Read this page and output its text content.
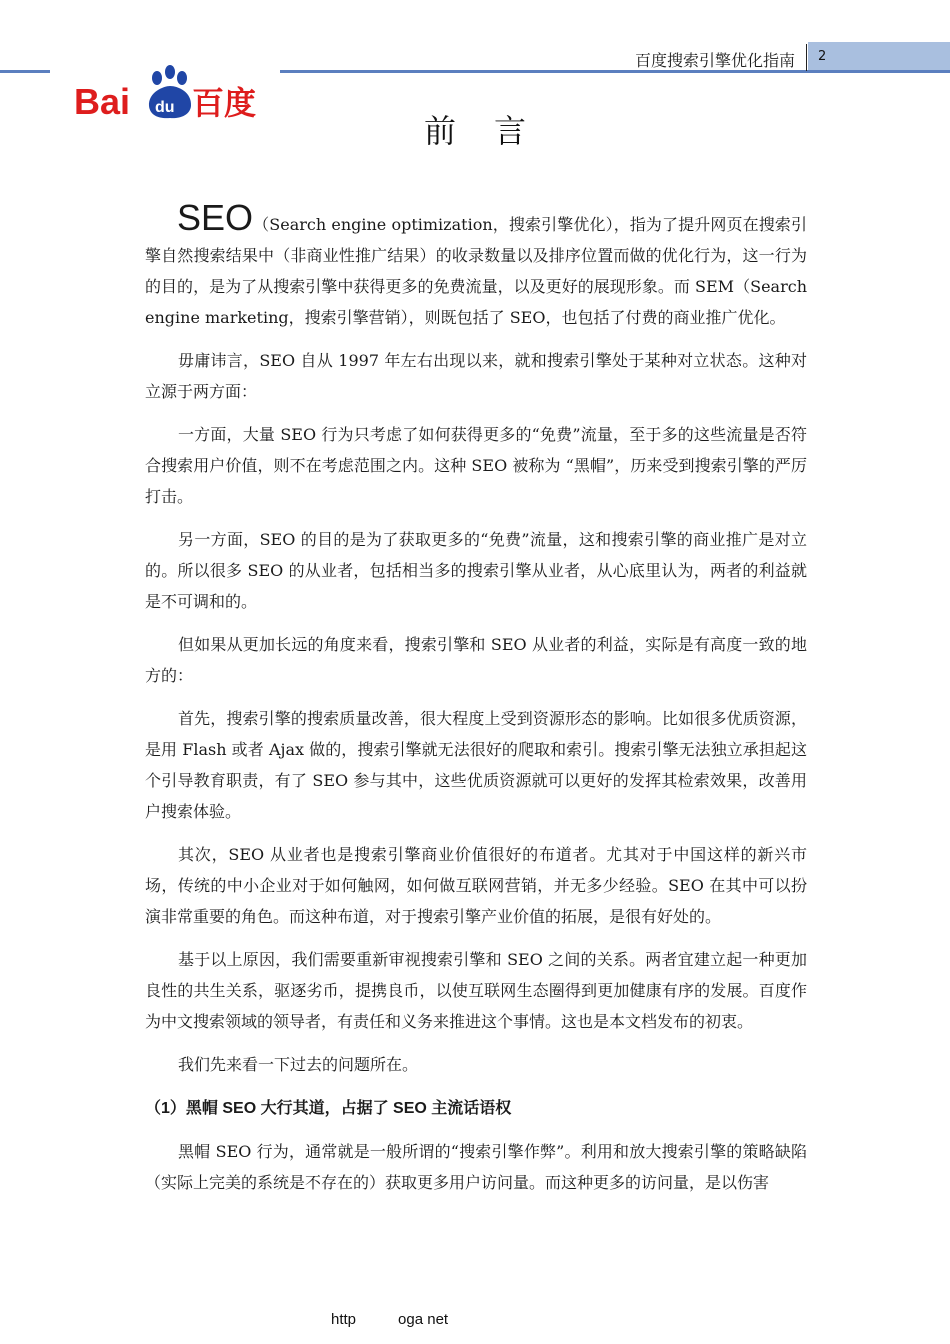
百度搜索引擎优化指南	2
Bai du 百度
前言

SEO（Search engine optimization，搜索引擎优化），指为了提升网页在搜索引擎自然搜索结果中（非商业性推广结果）的收录数量以及排序位置而做的优化行为，这一行为的目的，是为了从搜索引擎中获得更多的免费流量，以及更好的展现形象。而 SEM（Search engine marketing，搜索引擎营销），则既包括了 SEO，也包括了付费的商业推广优化。

毋庸讳言，SEO 自从 1997 年左右出现以来，就和搜索引擎处于某种对立状态。这种对立源于两方面：

一方面，大量 SEO 行为只考虑了如何获得更多的“免费”流量，至于多的这些流量是否符合搜索用户价值，则不在考虑范围之内。这种 SEO 被称为 “黑帽”，历来受到搜索引擎的严厉打击。

另一方面，SEO 的目的是为了获取更多的“免费”流量，这和搜索引擎的商业推广是对立的。所以很多 SEO 的从业者，包括相当多的搜索引擎从业者，从心底里认为，两者的利益就是不可调和的。

但如果从更加长远的角度来看，搜索引擎和 SEO 从业者的利益，实际是有高度一致的地方的：

首先，搜索引擎的搜索质量改善，很大程度上受到资源形态的影响。比如很多优质资源，是用 Flash 或者 Ajax 做的，搜索引擎就无法很好的爬取和索引。搜索引擎无法独立承担起这个引导教育职责，有了 SEO 参与其中，这些优质资源就可以更好的发挥其检索效果，改善用户搜索体验。

其次，SEO 从业者也是搜索引擎商业价值很好的布道者。尤其对于中国这样的新兴市场，传统的中小企业对于如何触网，如何做互联网营销，并无多少经验。SEO 在其中可以扮演非常重要的角色。而这种布道，对于搜索引擎产业价值的拓展，是很有好处的。

基于以上原因，我们需要重新审视搜索引擎和 SEO 之间的关系。两者宜建立起一种更加良性的共生关系，驱逐劣币，提携良币，以使互联网生态圈得到更加健康有序的发展。百度作为中文搜索领域的领导者，有责任和义务来推进这个事情。这也是本文档发布的初衷。

我们先来看一下过去的问题所在。

（1）黑帽 SEO 大行其道，占据了 SEO 主流话语权

黑帽 SEO 行为，通常就是一般所谓的“搜索引擎作弊”。利用和放大搜索引擎的策略缺陷（实际上完美的系统是不存在的）获取更多用户访问量。而这种更多的访问量，是以伤害

http	oga net
